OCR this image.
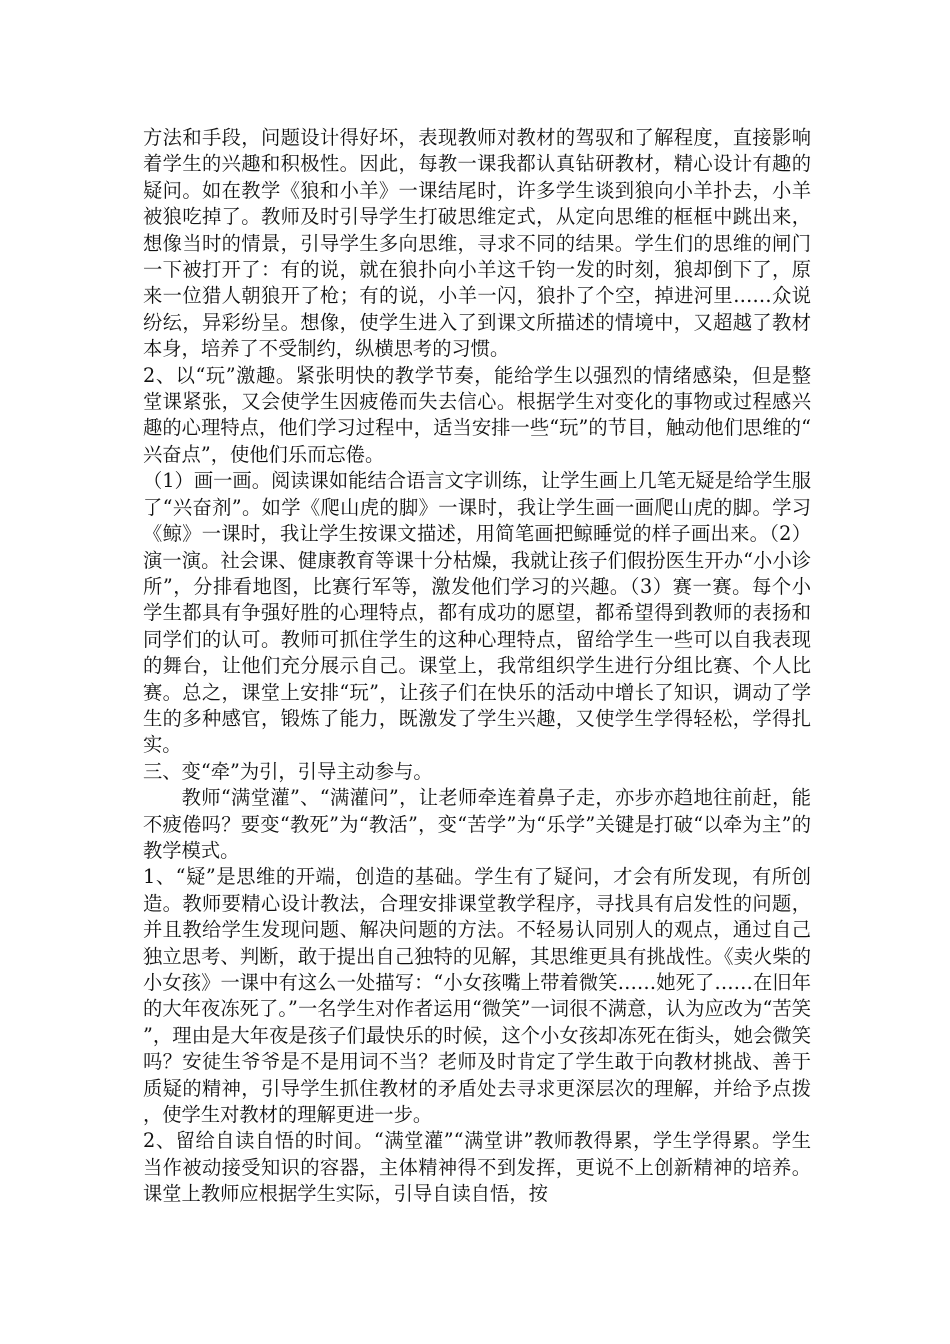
方法和手段，问题设计得好坏，表现教师对教材的驾驭和了解程度，直接影响着学生的兴趣和积极性。因此，每教一课我都认真钻研教材，精心设计有趣的疑问。如在教学《狼和小羊》一课结尾时，许多学生谈到狼向小羊扑去，小羊被狼吃掉了。教师及时引导学生打破思维定式，从定向思维的框框中跳出来，想像当时的情景，引导学生多向思维，寻求不同的结果。学生们的思维的闸门一下被打开了：有的说，就在狼扑向小羊这千钧一发的时刻，狼却倒下了，原来一位猎人朝狼开了枪；有的说，小羊一闪，狼扑了个空，掉进河里……众说纷纭，异彩纷呈。想像，使学生进入了到课文所描述的情境中，又超越了教材本身，培养了不受制约，纵横思考的习惯。

2、以“玩”激趣。紧张明快的教学节奏，能给学生以强烈的情绪感染，但是整堂课紧张，又会使学生因疲倦而失去信心。根据学生对变化的事物或过程感兴趣的心理特点，他们学习过程中，适当安排一些“玩”的节目，触动他们思维的“兴奋点”，使他们乐而忘倦。

（1）画一画。阅读课如能结合语言文字训练，让学生画上几笔无疑是给学生服了“兴奋剂”。如学《爬山虎的脚》一课时，我让学生画一画爬山虎的脚。学习《鲸》一课时，我让学生按课文描述，用简笔画把鲸睡觉的样子画出来。（2）演一演。社会课、健康教育等课十分枯燥，我就让孩子们假扮医生开办“小小诊所”，分排看地图，比赛行军等，激发他们学习的兴趣。（3）赛一赛。每个小学生都具有争强好胜的心理特点，都有成功的愿望，都希望得到教师的表扬和同学们的认可。教师可抓住学生的这种心理特点，留给学生一些可以自我表现的舞台，让他们充分展示自己。课堂上，我常组织学生进行分组比赛、个人比赛。总之，课堂上安排“玩”，让孩子们在快乐的活动中增长了知识，调动了学生的多种感官，锻炼了能力，既激发了学生兴趣，又使学生学得轻松，学得扎实。

三、变“牵”为引，引导主动参与。

教师“满堂灌”、“满灌问”，让老师牵连着鼻子走，亦步亦趋地往前赶，能不疲倦吗？要变“教死”为“教活”，变“苦学”为“乐学”关键是打破“以牵为主”的教学模式。

1、“疑”是思维的开端，创造的基础。学生有了疑问，才会有所发现，有所创造。教师要精心设计教法，合理安排课堂教学程序，寻找具有启发性的问题，并且教给学生发现问题、解决问题的方法。不轻易认同别人的观点，通过自己独立思考、判断，敢于提出自己独特的见解，其思维更具有挑战性。《卖火柴的小女孩》一课中有这么一处描写：“小女孩嘴上带着微笑……她死了……在旧年的大年夜冻死了。”一名学生对作者运用“微笑”一词很不满意，认为应改为“苦笑”，理由是大年夜是孩子们最快乐的时候，这个小女孩却冻死在街头，她会微笑吗？安徒生爷爷是不是用词不当？老师及时肯定了学生敢于向教材挑战、善于质疑的精神，引导学生抓住教材的矛盾处去寻求更深层次的理解，并给予点拨，使学生对教材的理解更进一步。

2、留给自读自悟的时间。“满堂灌”“满堂讲”教师教得累，学生学得累。学生当作被动接受知识的容器，主体精神得不到发挥，更说不上创新精神的培养。课堂上教师应根据学生实际，引导自读自悟，按
